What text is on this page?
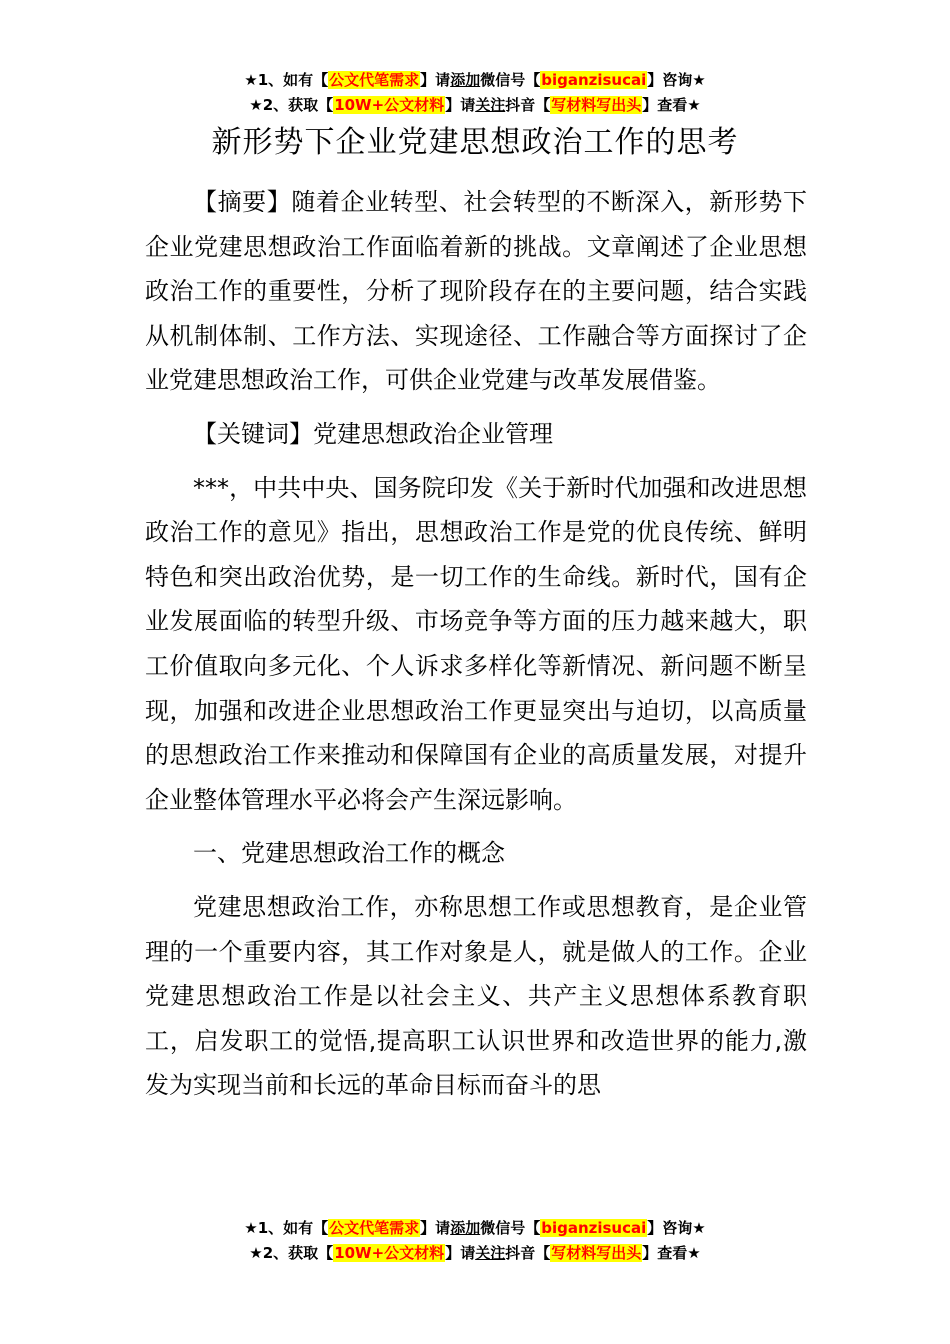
★1、如有【公文代笔需求】请添加微信号【biganzisucai】咨询★
★2、获取【10W+公文材料】请关注抖音【写材料写出头】查看★
新形势下企业党建思想政治工作的思考

【摘要】随着企业转型、社会转型的不断深入，新形势下企业党建思想政治工作面临着新的挑战。文章阐述了企业思想政治工作的重要性，分析了现阶段存在的主要问题，结合实践从机制体制、工作方法、实现途径、工作融合等方面探讨了企业党建思想政治工作，可供企业党建与改革发展借鉴。

【关键词】党建思想政治企业管理

***，中共中央、国务院印发《关于新时代加强和改进思想政治工作的意见》指出，思想政治工作是党的优良传统、鲜明特色和突出政治优势，是一切工作的生命线。新时代，国有企业发展面临的转型升级、市场竞争等方面的压力越来越大，职工价值取向多元化、个人诉求多样化等新情况、新问题不断呈现，加强和改进企业思想政治工作更显突出与迫切，以高质量的思想政治工作来推动和保障国有企业的高质量发展，对提升企业整体管理水平必将会产生深远影响。

一、党建思想政治工作的概念

党建思想政治工作，亦称思想工作或思想教育，是企业管理的一个重要内容，其工作对象是人，就是做人的工作。企业党建思想政治工作是以社会主义、共产主义思想体系教育职工，启发职工的觉悟,提高职工认识世界和改造世界的能力,激发为实现当前和长远的革命目标而奋斗的思

★1、如有【公文代笔需求】请添加微信号【biganzisucai】咨询★
★2、获取【10W+公文材料】请关注抖音【写材料写出头】查看★
